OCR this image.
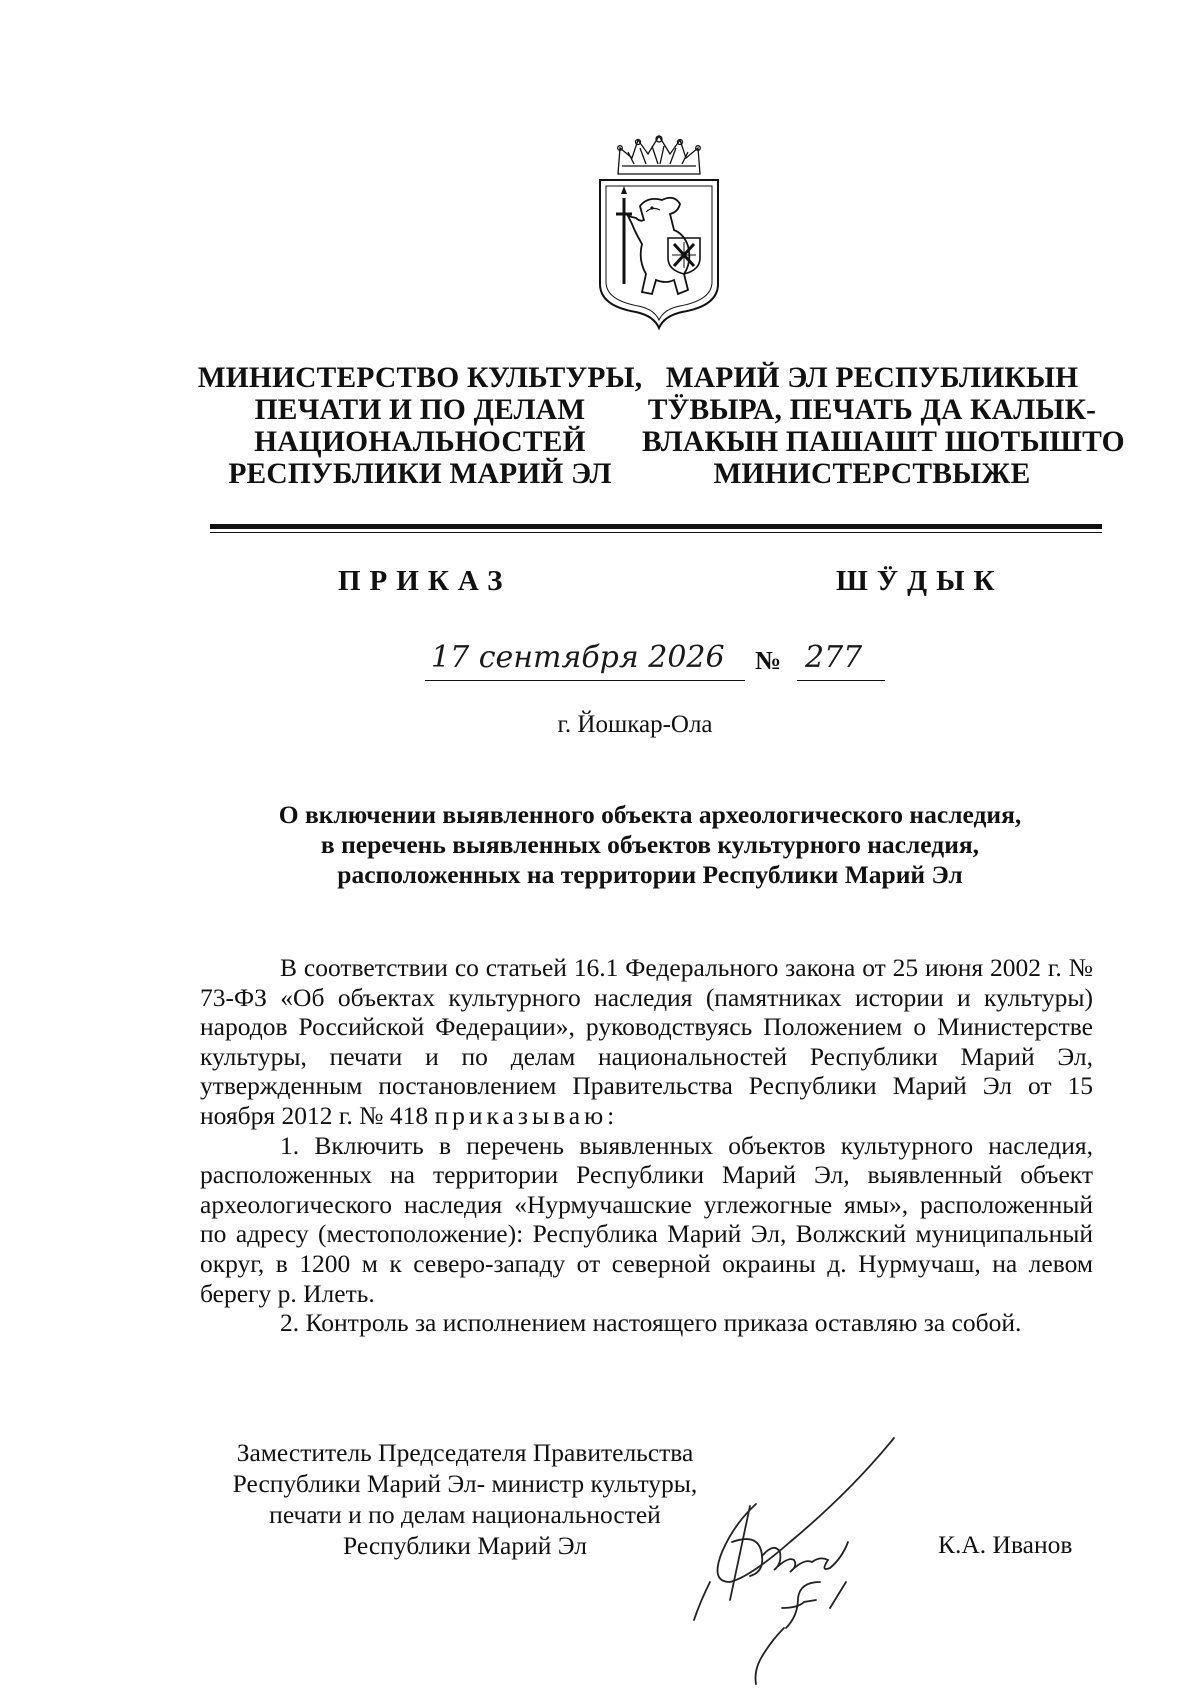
МИНИСТЕРСТВО КУЛЬТУРЫ,
ПЕЧАТИ И ПО ДЕЛАМ
НАЦИОНАЛЬНОСТЕЙ
РЕСПУБЛИКИ МАРИЙ ЭЛ
МАРИЙ ЭЛ РЕСПУБЛИКЫН
ТӰВЫРА, ПЕЧАТЬ ДА КАЛЫК-
ВЛАКЫН ПАШАШТ ШОТЫШТО
МИНИСТЕРСТВЫЖЕ
ПРИКАЗ	ШӰДЫК
17 сентября 2026 № 277
г. Йошкар-Ола
О включении выявленного объекта археологического наследия,
в перечень выявленных объектов культурного наследия,
расположенных на территории Республики Марий Эл

В соответствии со статьей 16.1 Федерального закона от 25 июня 2002 г. № 73-ФЗ «Об объектах культурного наследия (памятниках истории и культуры) народов Российской Федерации», руководствуясь Положением о Министерстве культуры, печати и по делам национальностей Республики Марий Эл, утвержденным постановлением Правительства Республики Марий Эл от 15 ноября 2012 г. № 418 приказываю:

1. Включить в перечень выявленных объектов культурного наследия, расположенных на территории Республики Марий Эл, выявленный объект археологического наследия «Нурмучашские углежогные ямы», расположенный по адресу (местоположение): Республика Марий Эл, Волжский муниципальный округ, в 1200 м к северо-западу от северной окраины д. Нурмучаш, на левом берегу р. Илеть.

2. Контроль за исполнением настоящего приказа оставляю за собой.

Заместитель Председателя Правительства
Республики Марий Эл- министр культуры,
печати и по делам национальностей
Республики Марий Эл	К.А. Иванов
